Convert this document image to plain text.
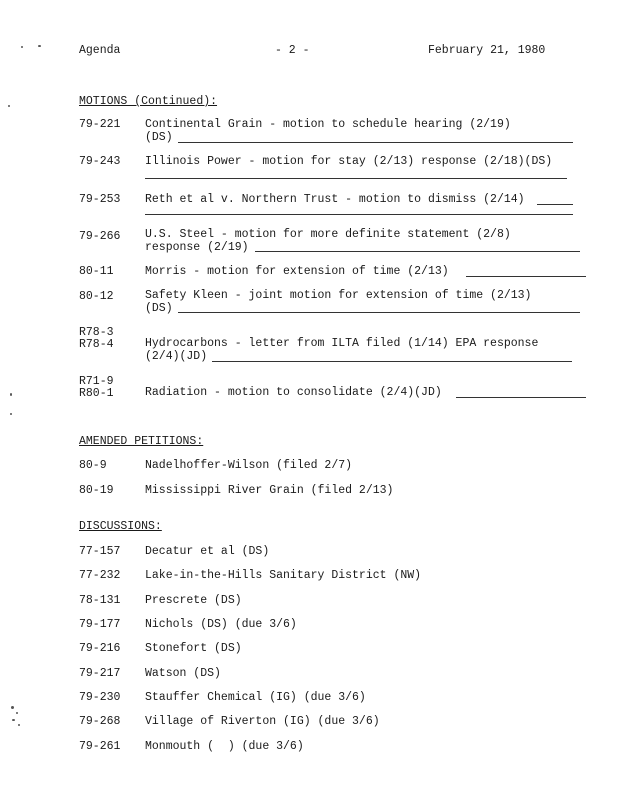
Agenda	- 2 -	February 21, 1980
MOTIONS (Continued):
79-221 Continental Grain - motion to schedule hearing (2/19)
(DS)
79-243 Illinois Power - motion for stay (2/13) response (2/18)(DS)
79-253 Reth et al v. Northern Trust - motion to dismiss (2/14)
79-266 U.S. Steel - motion for more definite statement (2/8)
response (2/19)
80-11	Morris - motion for extension of time (2/13)
80-12	Safety Kleen - joint motion for extension of time (2/13)
(DS)
R78-3
R78-4	Hydrocarbons - letter from ILTA filed (1/14) EPA response
(2/4)(JD)
R71-9
R80-1	Radiation - motion to consolidate (2/4)(JD)
AMENDED PETITIONS:
80-9	Nadelhoffer-Wilson (filed 2/7)
80-19	Mississippi River Grain (filed 2/13)
DISCUSSIONS:
77-157 Decatur et al (DS)
77-232 Lake-in-the-Hills Sanitary District (NW)
78-131 Prescrete (DS)
79-177 Nichols (DS) (due 3/6)
79-216 Stonefort (DS)
79-217 Watson (DS)
79-230 Stauffer Chemical (IG) (due 3/6)
79-268 Village of Riverton (IG) (due 3/6)
79-261 Monmouth (  ) (due 3/6)
